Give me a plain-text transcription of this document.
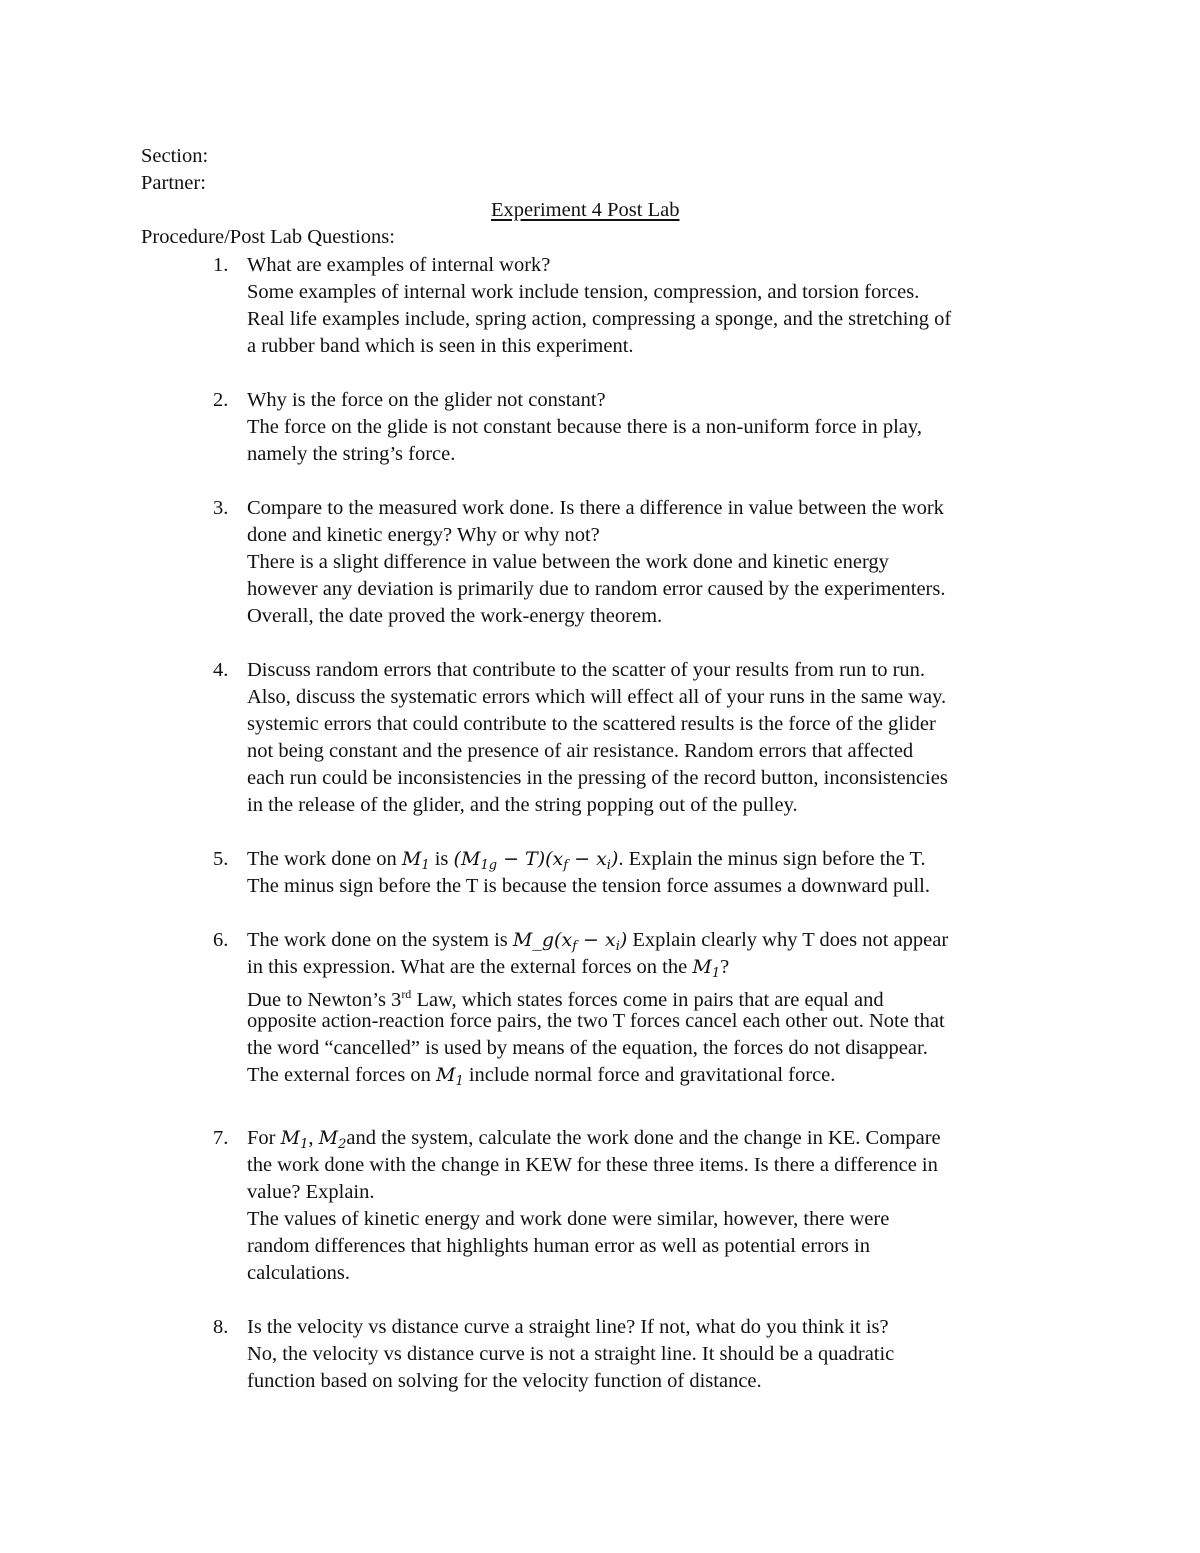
Section:
Partner:
Experiment 4 Post Lab
Procedure/Post Lab Questions:
1. What are examples of internal work?
Some examples of internal work include tension, compression, and torsion forces.
Real life examples include, spring action, compressing a sponge, and the stretching of
a rubber band which is seen in this experiment.
2. Why is the force on the glider not constant?
The force on the glide is not constant because there is a non-uniform force in play,
namely the string’s force.
3. Compare to the measured work done. Is there a difference in value between the work
done and kinetic energy? Why or why not?
There is a slight difference in value between the work done and kinetic energy
however any deviation is primarily due to random error caused by the experimenters.
Overall, the date proved the work-energy theorem.
4. Discuss random errors that contribute to the scatter of your results from run to run.
Also, discuss the systematic errors which will effect all of your runs in the same way.
systemic errors that could contribute to the scattered results is the force of the glider
not being constant and the presence of air resistance. Random errors that affected
each run could be inconsistencies in the pressing of the record button, inconsistencies
in the release of the glider, and the string popping out of the pulley.
5. The work done on $M_1$ is $(M_{1g} - T)(x_f - x_i)$. Explain the minus sign before the T.
The minus sign before the T is because the tension force assumes a downward pull.
6. The work done on the system is $M\_g(x_f - x_i)$ Explain clearly why T does not appear
in this expression. What are the external forces on the $M_1$?
Due to Newton’s 3rd Law, which states forces come in pairs that are equal and
opposite action-reaction force pairs, the two T forces cancel each other out. Note that
the word “cancelled” is used by means of the equation, the forces do not disappear.
The external forces on $M_1$ include normal force and gravitational force.
7. For $M_1$, $M_2and$ the system, calculate the work done and the change in KE. Compare
the work done with the change in KEW for these three items. Is there a difference in
value? Explain.
The values of kinetic energy and work done were similar, however, there were
random differences that highlights human error as well as potential errors in
calculations.
8. Is the velocity vs distance curve a straight line? If not, what do you think it is?
No, the velocity vs distance curve is not a straight line. It should be a quadratic
function based on solving for the velocity function of distance.
